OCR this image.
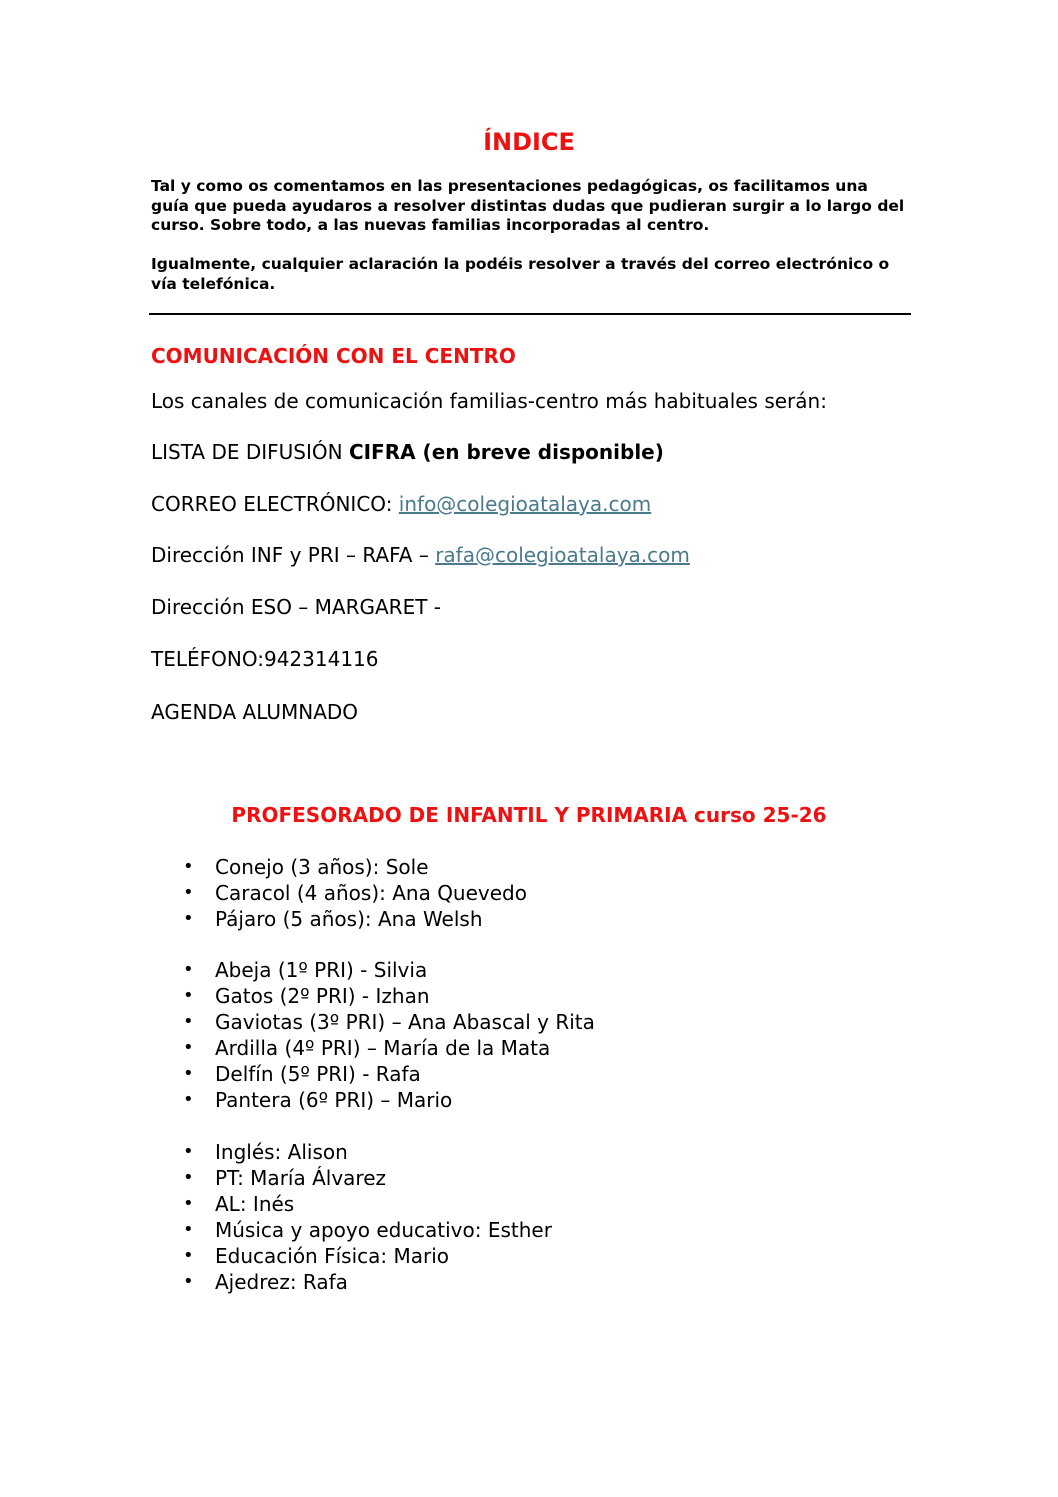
ÍNDICE

Tal y como os comentamos en las presentaciones pedagógicas, os facilitamos una guía que pueda ayudaros a resolver distintas dudas que pudieran surgir a lo largo del curso. Sobre todo, a las nuevas familias incorporadas al centro.

Igualmente, cualquier aclaración la podéis resolver a través del correo electrónico o vía telefónica.

COMUNICACIÓN CON EL CENTRO

Los canales de comunicación familias-centro más habituales serán:

LISTA DE DIFUSIÓN CIFRA (en breve disponible)

CORREO ELECTRÓNICO: info@colegioatalaya.com

Dirección INF y PRI – RAFA – rafa@colegioatalaya.com

Dirección ESO – MARGARET -

TELÉFONO:942314116

AGENDA ALUMNADO

PROFESORADO DE INFANTIL Y PRIMARIA curso 25-26
• Conejo (3 años): Sole
• Caracol (4 años): Ana Quevedo
• Pájaro (5 años): Ana Welsh
• Abeja (1º PRI) - Silvia
• Gatos (2º PRI) - Izhan
• Gaviotas (3º PRI) – Ana Abascal y Rita
• Ardilla (4º PRI) – María de la Mata
• Delfín (5º PRI) - Rafa
• Pantera (6º PRI) – Mario
• Inglés: Alison
• PT: María Álvarez
• AL: Inés
• Música y apoyo educativo: Esther
• Educación Física: Mario
• Ajedrez: Rafa
